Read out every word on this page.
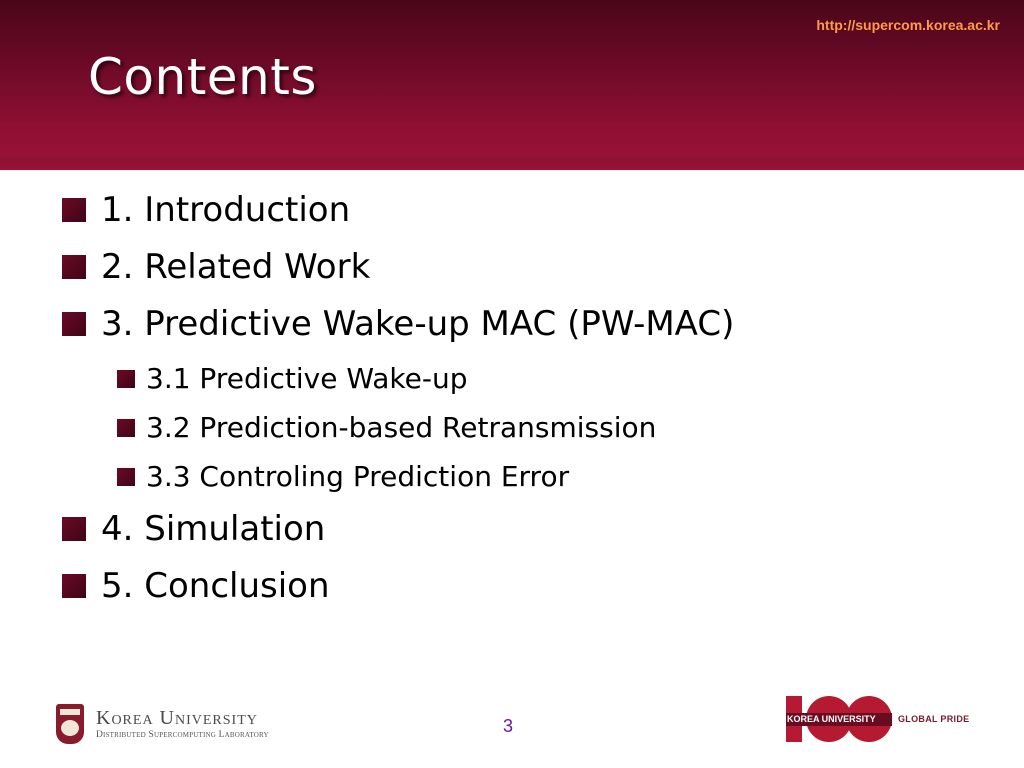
http://supercom.korea.ac.kr
Contents
1. Introduction
2. Related Work
3. Predictive Wake-up MAC (PW-MAC)
3.1 Predictive Wake-up
3.2 Prediction-based Retransmission
3.3 Controling Prediction Error
4. Simulation
5. Conclusion
Korea University
Distributed Supercomputing Laboratory	3	KOREA UNIVERSITY GLOBAL PRIDE
